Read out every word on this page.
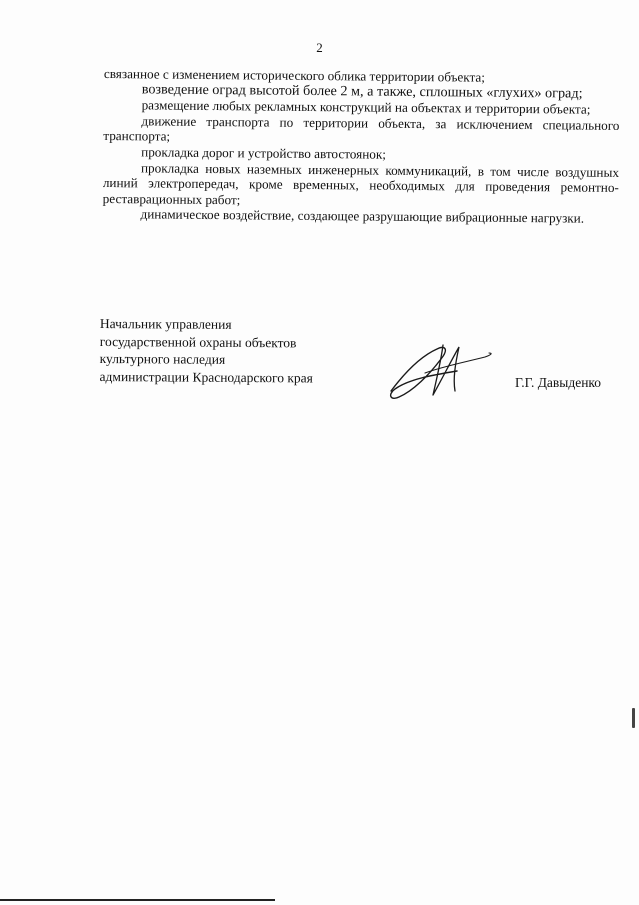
2

связанное с изменением исторического облика территории объекта;

возведение оград высотой более 2 м, а также, сплошных «глухих» оград;

размещение любых рекламных конструкций на объектах и территории объекта;

движение транспорта по территории объекта, за исключением специального транспорта;

прокладка дорог и устройство автостоянок;

прокладка новых наземных инженерных коммуникаций, в том числе воздушных линий электропередач, кроме временных, необходимых для проведения ремонтно-реставрационных работ;

динамическое воздействие, создающее разрушающие вибрационные нагрузки.

Начальник управления
государственной охраны объектов
культурного наследия
администрации Краснодарского края	Г.Г. Давыденко
